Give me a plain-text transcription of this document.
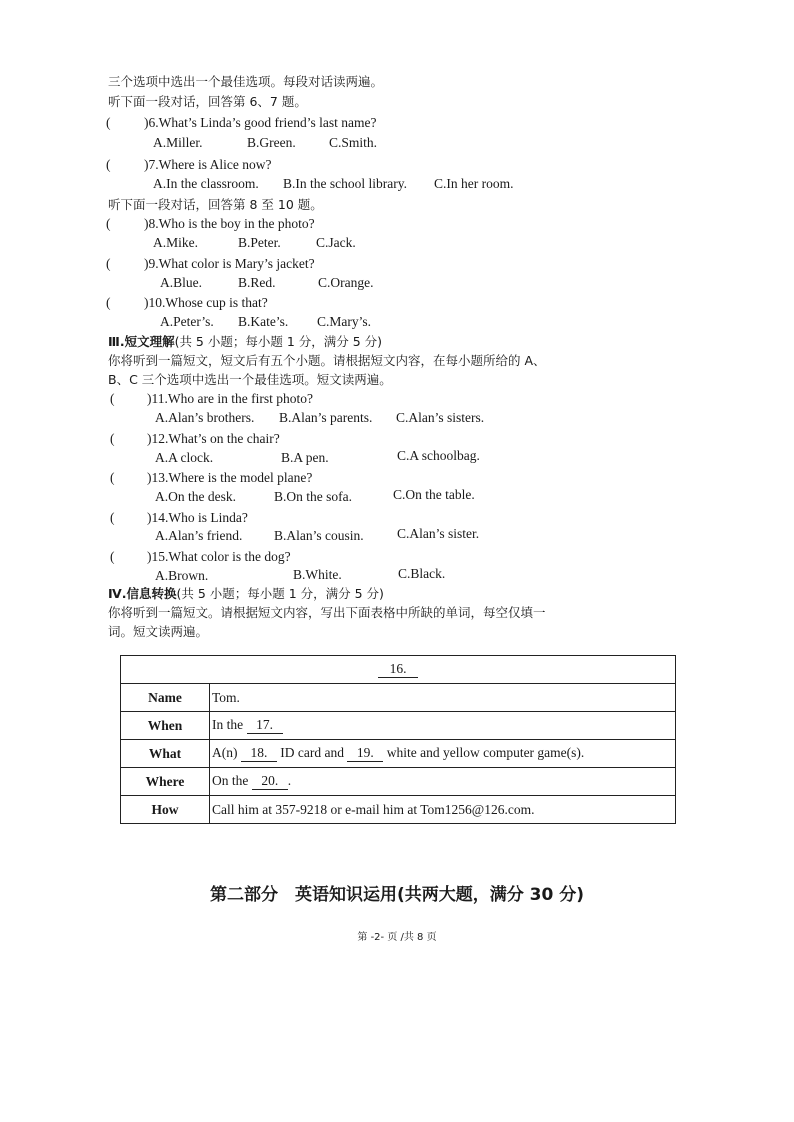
三个选项中选出一个最佳选项。每段对话读两遍。
听下面一段对话，回答第 6、7 题。
( )6.What’s Linda’s good friend’s last name?
A.Miller.	B.Green. C.Smith.
( )7.Where is Alice now?
A.In the classroom. B.In the school library. C.In her room.
听下面一段对话，回答第 8 至 10 题。
( )8.Who is the boy in the photo?
A.Mike.	B.Peter.	C.Jack.
( )9.What color is Mary’s jacket?
A.Blue.	B.Red.	C.Orange.
( )10.Whose cup is that?
A.Peter’s. B.Kate’s. C.Mary’s.
Ⅲ.短文理解(共 5 小题；每小题 1 分，满分 5 分)
你将听到一篇短文，短文后有五个小题。请根据短文内容，在每小题所给的 A、
B、C 三个选项中选出一个最佳选项。短文读两遍。
( )11.Who are in the first photo?
A.Alan’s brothers. B.Alan’s parents. C.Alan’s sisters.
( )12.What’s on the chair?
A.A clock.	B.A pen.	C.A schoolbag.
( )13.Where is the model plane?
A.On the desk.	B.On the sofa.	C.On the table.
( )14.Who is Linda?
A.Alan’s friend. B.Alan’s cousin. C.Alan’s sister.
( )15.What color is the dog?
A.Brown.	B.White.	C.Black.
Ⅳ.信息转换(共 5 小题；每小题 1 分，满分 5 分)
你将听到一篇短文。请根据短文内容，写出下面表格中所缺的单词，每空仅填一
词。短文读两遍。
16.	
Name	Tom.
When	In the 17.
What	A(n) 18. ID card and 19. white and yellow computer game(s).
Where	On the 20. .
How	Call him at 357-9218 or e-mail him at Tom1256@126.com.
第二部分　英语知识运用(共两大题，满分 30 分)
第 -2- 页 /共 8 页
